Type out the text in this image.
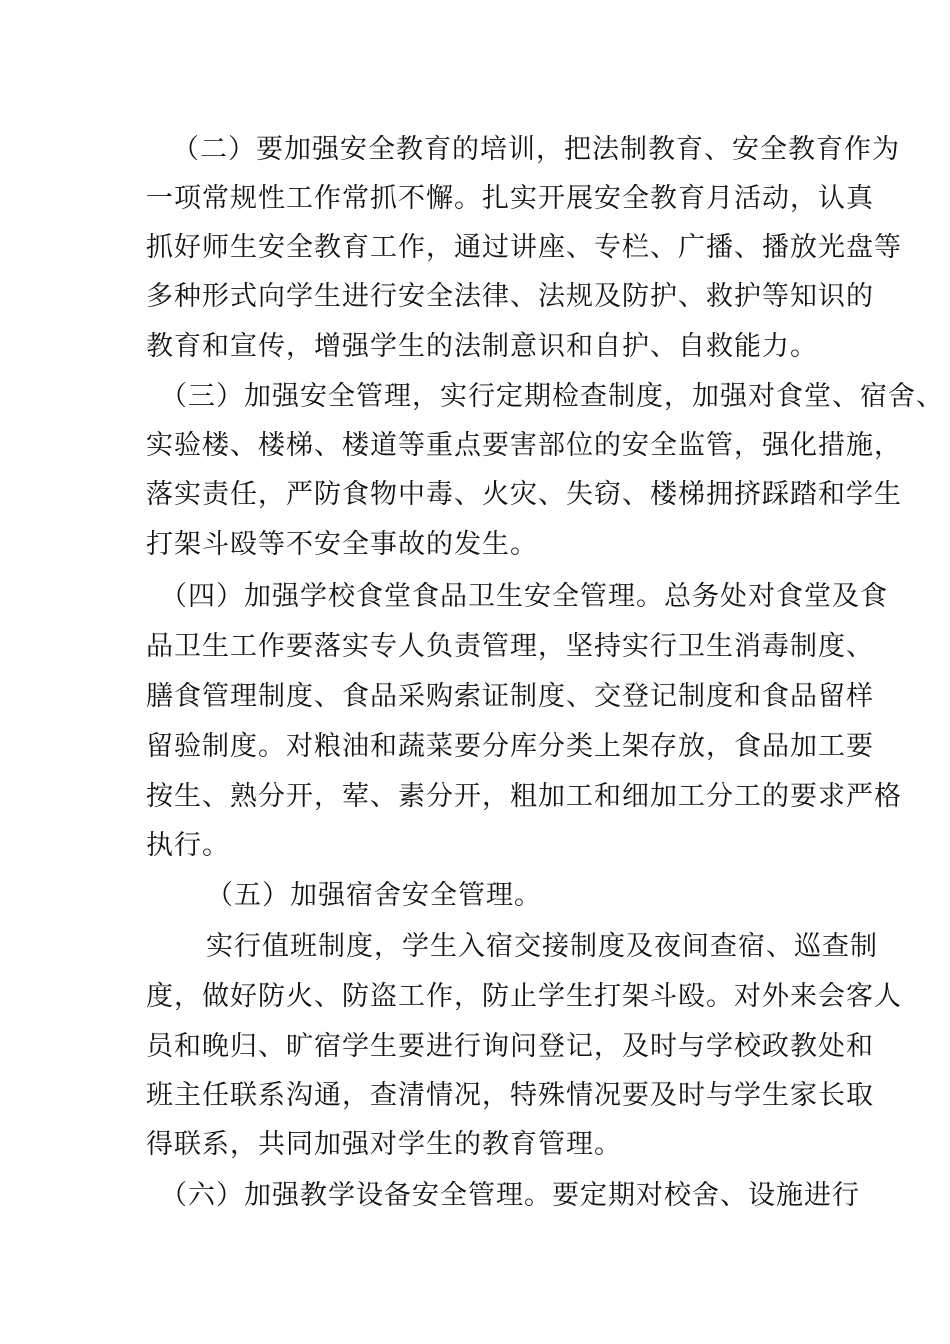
（二）要加强安全教育的培训，把法制教育、安全教育作为
一项常规性工作常抓不懈。扎实开展安全教育月活动，认真
抓好师生安全教育工作，通过讲座、专栏、广播、播放光盘等
多种形式向学生进行安全法律、法规及防护、救护等知识的
教育和宣传，增强学生的法制意识和自护、自救能力。
（三）加强安全管理，实行定期检查制度，加强对食堂、宿舍、
实验楼、楼梯、楼道等重点要害部位的安全监管，强化措施，
落实责任，严防食物中毒、火灾、失窃、楼梯拥挤踩踏和学生
打架斗殴等不安全事故的发生。
（四）加强学校食堂食品卫生安全管理。总务处对食堂及食
品卫生工作要落实专人负责管理，坚持实行卫生消毒制度、
膳食管理制度、食品采购索证制度、交登记制度和食品留样
留验制度。对粮油和蔬菜要分库分类上架存放，食品加工要
按生、熟分开，荤、素分开，粗加工和细加工分工的要求严格
执行。
（五）加强宿舍安全管理。
实行值班制度，学生入宿交接制度及夜间查宿、巡查制
度，做好防火、防盗工作，防止学生打架斗殴。对外来会客人
员和晚归、旷宿学生要进行询问登记，及时与学校政教处和
班主任联系沟通，查清情况，特殊情况要及时与学生家长取
得联系，共同加强对学生的教育管理。
（六）加强教学设备安全管理。要定期对校舍、设施进行
